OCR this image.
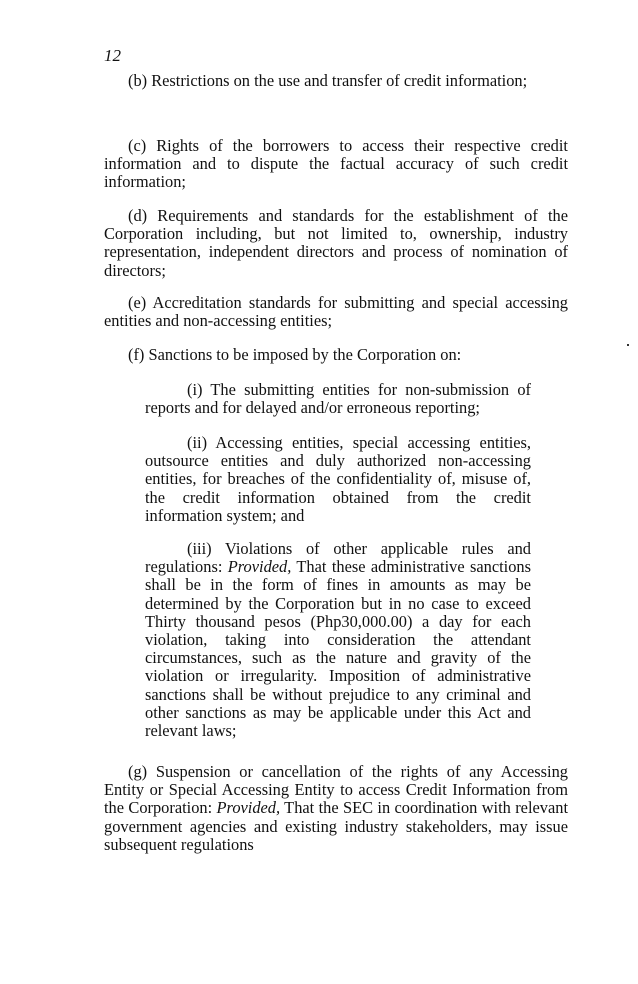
12

(b) Restrictions on the use and transfer of credit information;

(c) Rights of the borrowers to access their respective credit information and to dispute the factual accuracy of such credit information;

(d) Requirements and standards for the establishment of the Corporation including, but not limited to, ownership, industry representation, independent directors and process of nomination of directors;

(e) Accreditation standards for submitting and special accessing entities and non-accessing entities;

(f) Sanctions to be imposed by the Corporation on:

(i) The submitting entities for non-submission of reports and for delayed and/or erroneous reporting;

(ii) Accessing entities, special accessing entities, outsource entities and duly authorized non-accessing entities, for breaches of the confidentiality of, misuse of, the credit information obtained from the credit information system; and

(iii) Violations of other applicable rules and regulations: Provided, That these administrative sanctions shall be in the form of fines in amounts as may be determined by the Corporation but in no case to exceed Thirty thousand pesos (Php30,000.00) a day for each violation, taking into consideration the attendant circumstances, such as the nature and gravity of the violation or irregularity. Imposition of administrative sanctions shall be without prejudice to any criminal and other sanctions as may be applicable under this Act and relevant laws;

(g) Suspension or cancellation of the rights of any Accessing Entity or Special Accessing Entity to access Credit Information from the Corporation: Provided, That the SEC in coordination with relevant government agencies and existing industry stakeholders, may issue subsequent regulations
